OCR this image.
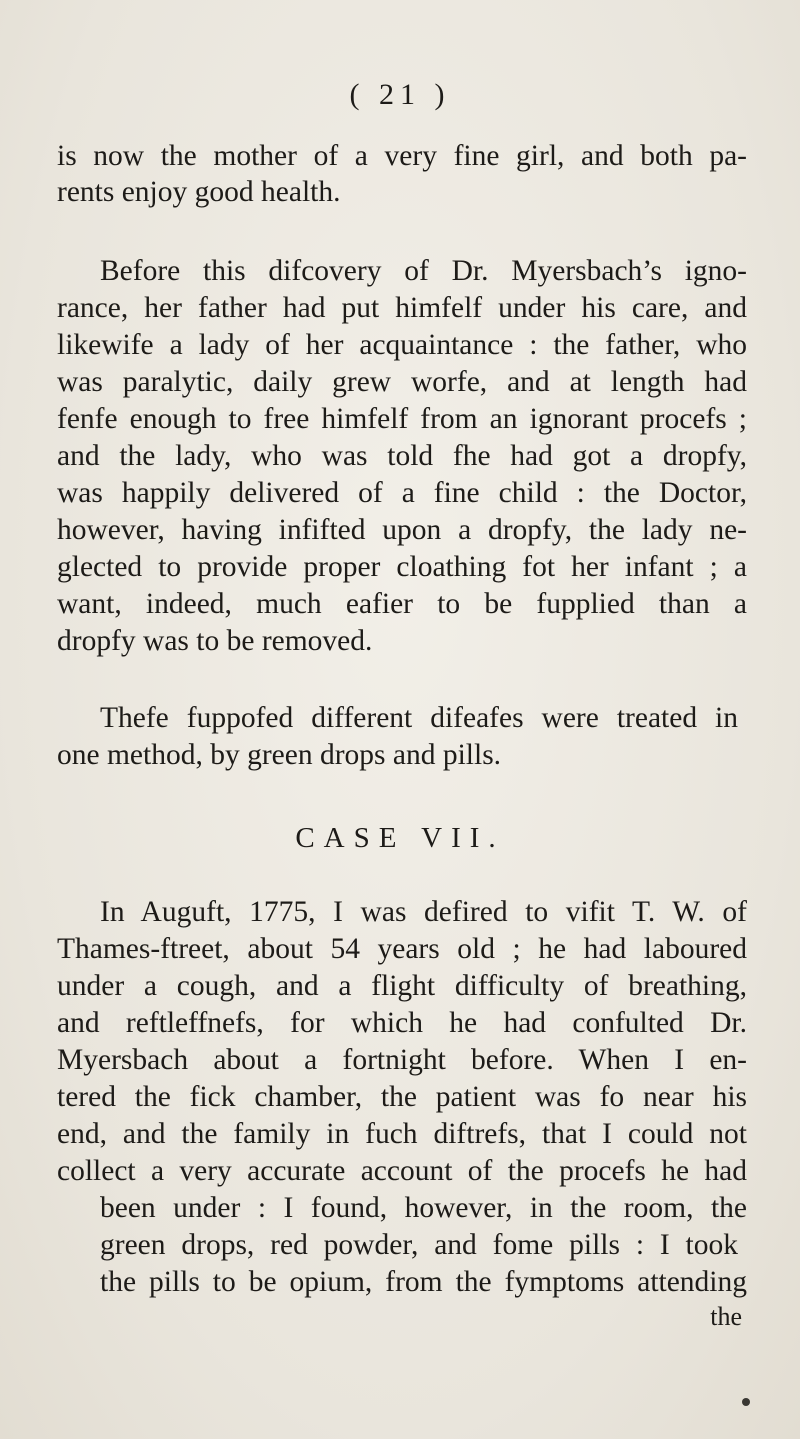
( 21 )
is now the mother of a very fine girl, and both pa-
rents enjoy good health.
Before this difcovery of Dr. Myersbach’s igno-
rance, her father had put himfelf under his care, and
likewife a lady of her acquaintance : the father, who
was paralytic, daily grew worfe, and at length had
fenfe enough to free himfelf from an ignorant procefs ;
and the lady, who was told fhe had got a dropfy,
was happily delivered of a fine child : the Doctor,
however, having infifted upon a dropfy, the lady ne-
glected to provide proper cloathing fot her infant ; a
want, indeed, much eafier to be fupplied than a
dropfy was to be removed.
Thefe fuppofed different difeafes were treated in
one method, by green drops and pills.
CASE VII.
In Auguft, 1775, I was defired to vifit T. W. of
Thames-ftreet, about 54 years old ; he had laboured
under a cough, and a flight difficulty of breathing,
and reftleffnefs, for which he had confulted Dr.
Myersbach about a fortnight before. When I en-
tered the fick chamber, the patient was fo near his
end, and the family in fuch diftrefs, that I could not
collect a very accurate account of the procefs he had
been under : I found, however, in the room, the
green drops, red powder, and fome pills : I took
the pills to be opium, from the fymptoms attending
the
